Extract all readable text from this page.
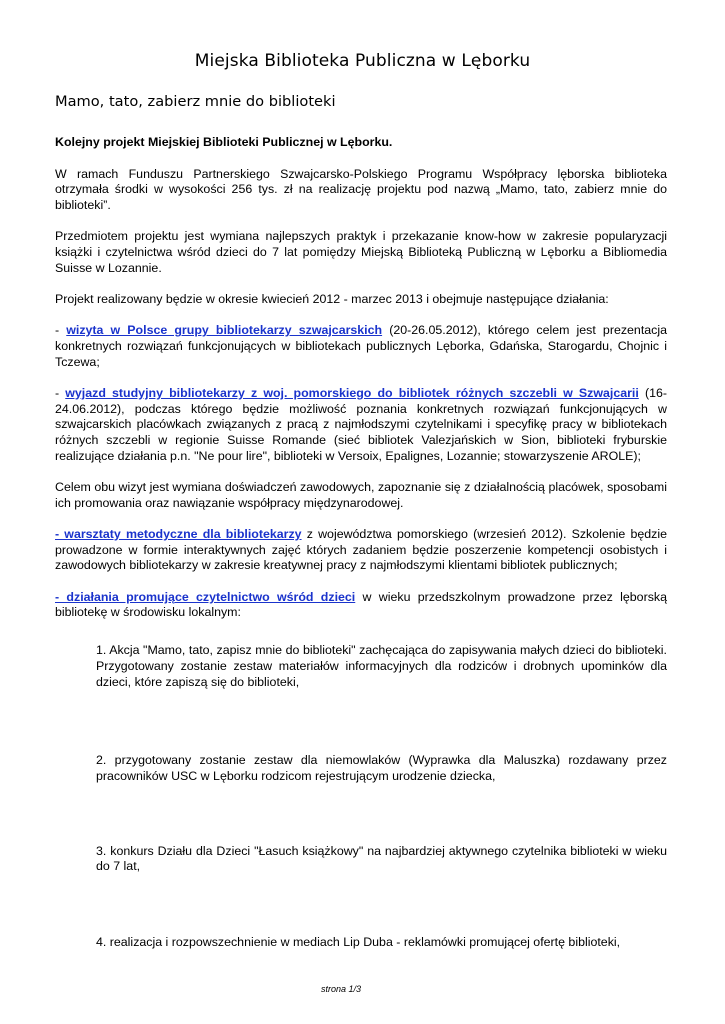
Miejska Biblioteka Publiczna w Lęborku
Mamo, tato, zabierz mnie do biblioteki

Kolejny projekt Miejskiej Biblioteki Publicznej w Lęborku.

W ramach Funduszu Partnerskiego Szwajcarsko-Polskiego Programu Współpracy lęborska biblioteka otrzymała środki w wysokości 256 tys. zł na realizację projektu pod nazwą „Mamo, tato, zabierz mnie do biblioteki”.

Przedmiotem projektu jest wymiana najlepszych praktyk i przekazanie know-how w zakresie popularyzacji książki i czytelnictwa wśród dzieci do 7 lat pomiędzy Miejską Biblioteką Publiczną w Lęborku a Bibliomedia Suisse w Lozannie.

Projekt realizowany będzie w okresie kwiecień 2012 - marzec 2013 i obejmuje następujące działania:

- wizyta w Polsce grupy bibliotekarzy szwajcarskich (20-26.05.2012), którego celem jest prezentacja konkretnych rozwiązań funkcjonujących w bibliotekach publicznych Lęborka, Gdańska, Starogardu, Chojnic i Tczewa;

- wyjazd studyjny bibliotekarzy z woj. pomorskiego do bibliotek różnych szczebli w Szwajcarii (16-24.06.2012), podczas którego będzie możliwość poznania konkretnych rozwiązań funkcjonujących w szwajcarskich placówkach związanych z pracą z najmłodszymi czytelnikami i specyfikę pracy w bibliotekach różnych szczebli w regionie Suisse Romande (sieć bibliotek Valezjańskich w Sion, biblioteki fryburskie realizujące działania p.n. "Ne pour lire", biblioteki w Versoix, Epalignes, Lozannie; stowarzyszenie AROLE);

Celem obu wizyt jest wymiana doświadczeń zawodowych, zapoznanie się z działalnością placówek, sposobami ich promowania oraz nawiązanie współpracy międzynarodowej.

- warsztaty metodyczne dla bibliotekarzy z województwa pomorskiego (wrzesień 2012). Szkolenie będzie prowadzone w formie interaktywnych zajęć których zadaniem będzie poszerzenie kompetencji osobistych i zawodowych bibliotekarzy w zakresie kreatywnej pracy z najmłodszymi klientami bibliotek publicznych;

- działania promujące czytelnictwo wśród dzieci w wieku przedszkolnym prowadzone przez lęborską bibliotekę w środowisku lokalnym:

1. Akcja "Mamo, tato, zapisz mnie do biblioteki" zachęcająca do zapisywania małych dzieci do biblioteki. Przygotowany zostanie zestaw materiałów informacyjnych dla rodziców i drobnych upominków dla dzieci, które zapiszą się do biblioteki,
2. przygotowany zostanie zestaw dla niemowlaków (Wyprawka dla Maluszka) rozdawany przez pracowników USC w Lęborku rodzicom rejestrującym urodzenie dziecka,
3. konkurs Działu dla Dzieci "Łasuch książkowy" na najbardziej aktywnego czytelnika biblioteki w wieku do 7 lat,
4. realizacja i rozpowszechnienie w mediach Lip Duba - reklamówki promującej ofertę biblioteki,
strona 1/3
